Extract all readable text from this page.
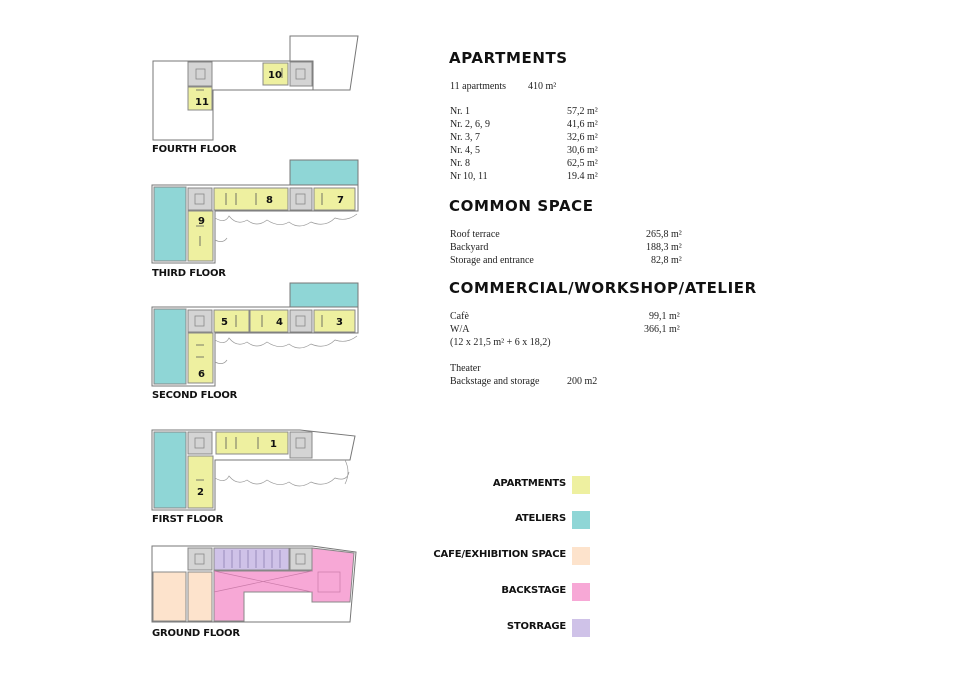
10
11
8	7
9
5	4	3
6
1
2
FOURTH FLOOR
THIRD FLOOR
SECOND FLOOR
FIRST FLOOR
GROUND FLOOR
APARTMENTS
11 apartments 410 m²
Nr. 1	57,2 m²
Nr. 2, 6, 9	41,6 m²
Nr. 3, 7	32,6 m²
Nr. 4, 5	30,6 m²
Nr. 8	62,5 m²
Nr 10, 11	19.4 m²
COMMON SPACE
Roof terrace	265,8 m²
Backyard	188,3 m²
Storage and entrance	82,8 m²
COMMERCIAL/WORKSHOP/ATELIER
Cafè	99,1 m²
W/A	366,1 m²
(12 x 21,5 m² + 6 x 18,2)
Theater
Backstage and storage	200 m2
APARTMENTS
ATELIERS
CAFE/EXHIBITION SPACE
BACKSTAGE
STORRAGE
